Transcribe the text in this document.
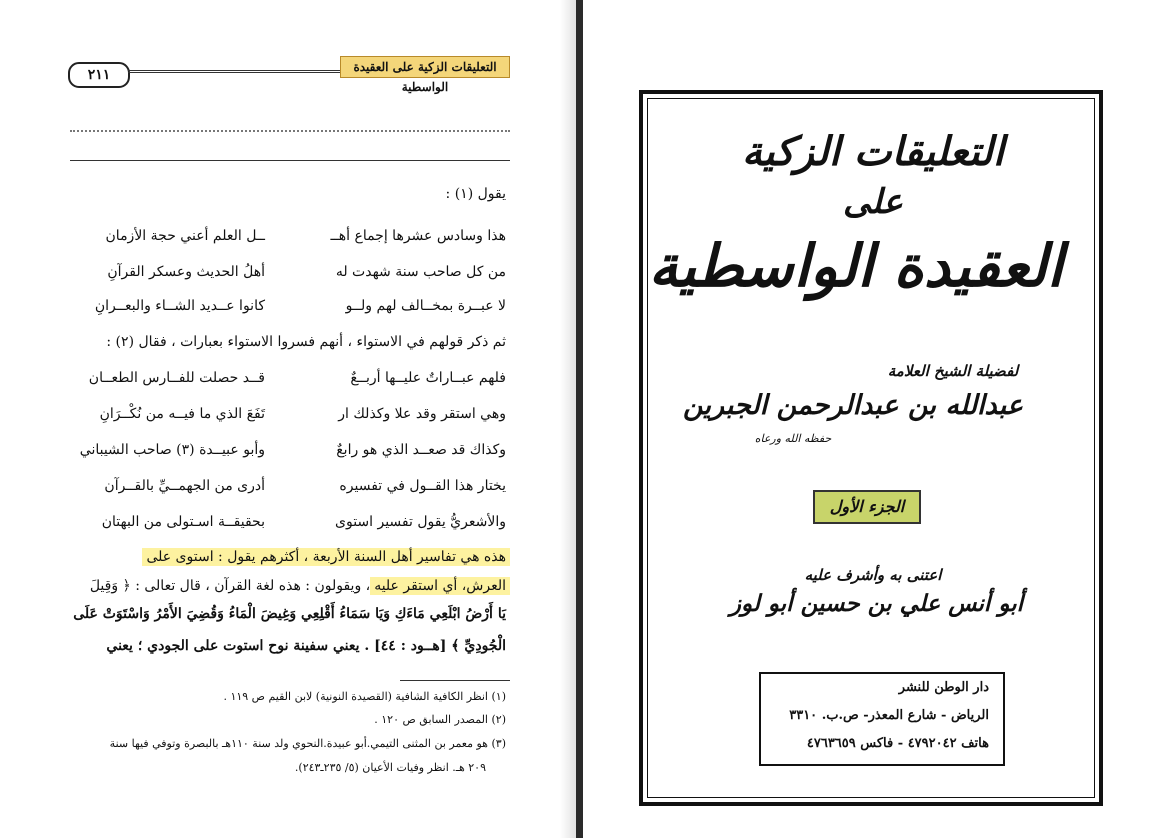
٢١١	التعليقات الزكية على العقيدة الواسطية
يقول (١) :
هذا وسادس عشرها إجماع أهــ
ــل العلم أعني حجة الأزمان
من كل صاحب سنة شهدت له
أهلُ الحديث وعسكر القرآنِ
لا عبــرة بمخــالف لهم ولــو
كانوا عــديد الشــاء والبعــرانِ
ثم ذكر قولهم في الاستواء ، أنهم فسروا الاستواء بعبارات ، فقال (٢) :
فلهم عبــاراتٌ عليــها أربــعٌ
قــد حصلت للفــارس الطعــان
وهي استقر وقد علا وكذلك ار
تَفَعَ الذي ما فيــه من نُكْــرَانِ
وكذاك قد صعــد الذي هو رابعٌ
وأبو عبيــدة (٣) صاحب الشيباني
يختار هذا القــول في تفسيره
أدرى من الجهمــيِّ بالقــرآن
والأشعريُّ يقول تفسير استوى
بحقيقــة اسـتولى من البهتان
هذه هي تفاسير أهل السنة الأربعة ، أكثرهم يقول : استوى على
العرش، أي استقر عليه، ويقولون : هذه لغة القرآن ، قال تعالى : ﴿ وَقِيلَ
يَا أَرْضُ ابْلَعِي مَاءَكِ وَيَا سَمَاءُ أَقْلِعِي وَغِيضَ الْمَاءُ وَقُضِيَ الأَمْرُ وَاسْتَوَتْ عَلَى
الْجُودِيِّ ﴾ [هــود : ٤٤] . يعني سفينة نوح استوت على الجودي ؛ يعني
(١) انظر الكافية الشافية (القصيدة النونية) لابن القيم ص ١١٩ .
(٢) المصدر السابق ص ١٢٠ .
(٣) هو معمر بن المثنى التيمي.أبو عبيدة.النحوي ولد سنة ١١٠هـ بالبصرة وتوفي فيها سنة
٢٠٩ هـ. انظر وفيات الأعيان (٥/ ٢٣٥ـ٢٤٣).
التعليقات الزكية
على
العقيدة الواسطية
لفضيلة الشيخ العلامة
عبدالله بن عبدالرحمن الجبرين
حفظه الله ورعاه
الجزء الأول
اعتنى به وأشرف عليه
أبو أنس علي بن حسين أبو لوز
دار الوطن للنشر
الرياض - شارع المعذر- ص.ب. ٣٣١٠
هاتف ٤٧٩٢٠٤٢ - فاكس ٤٧٦٣٦٥٩
